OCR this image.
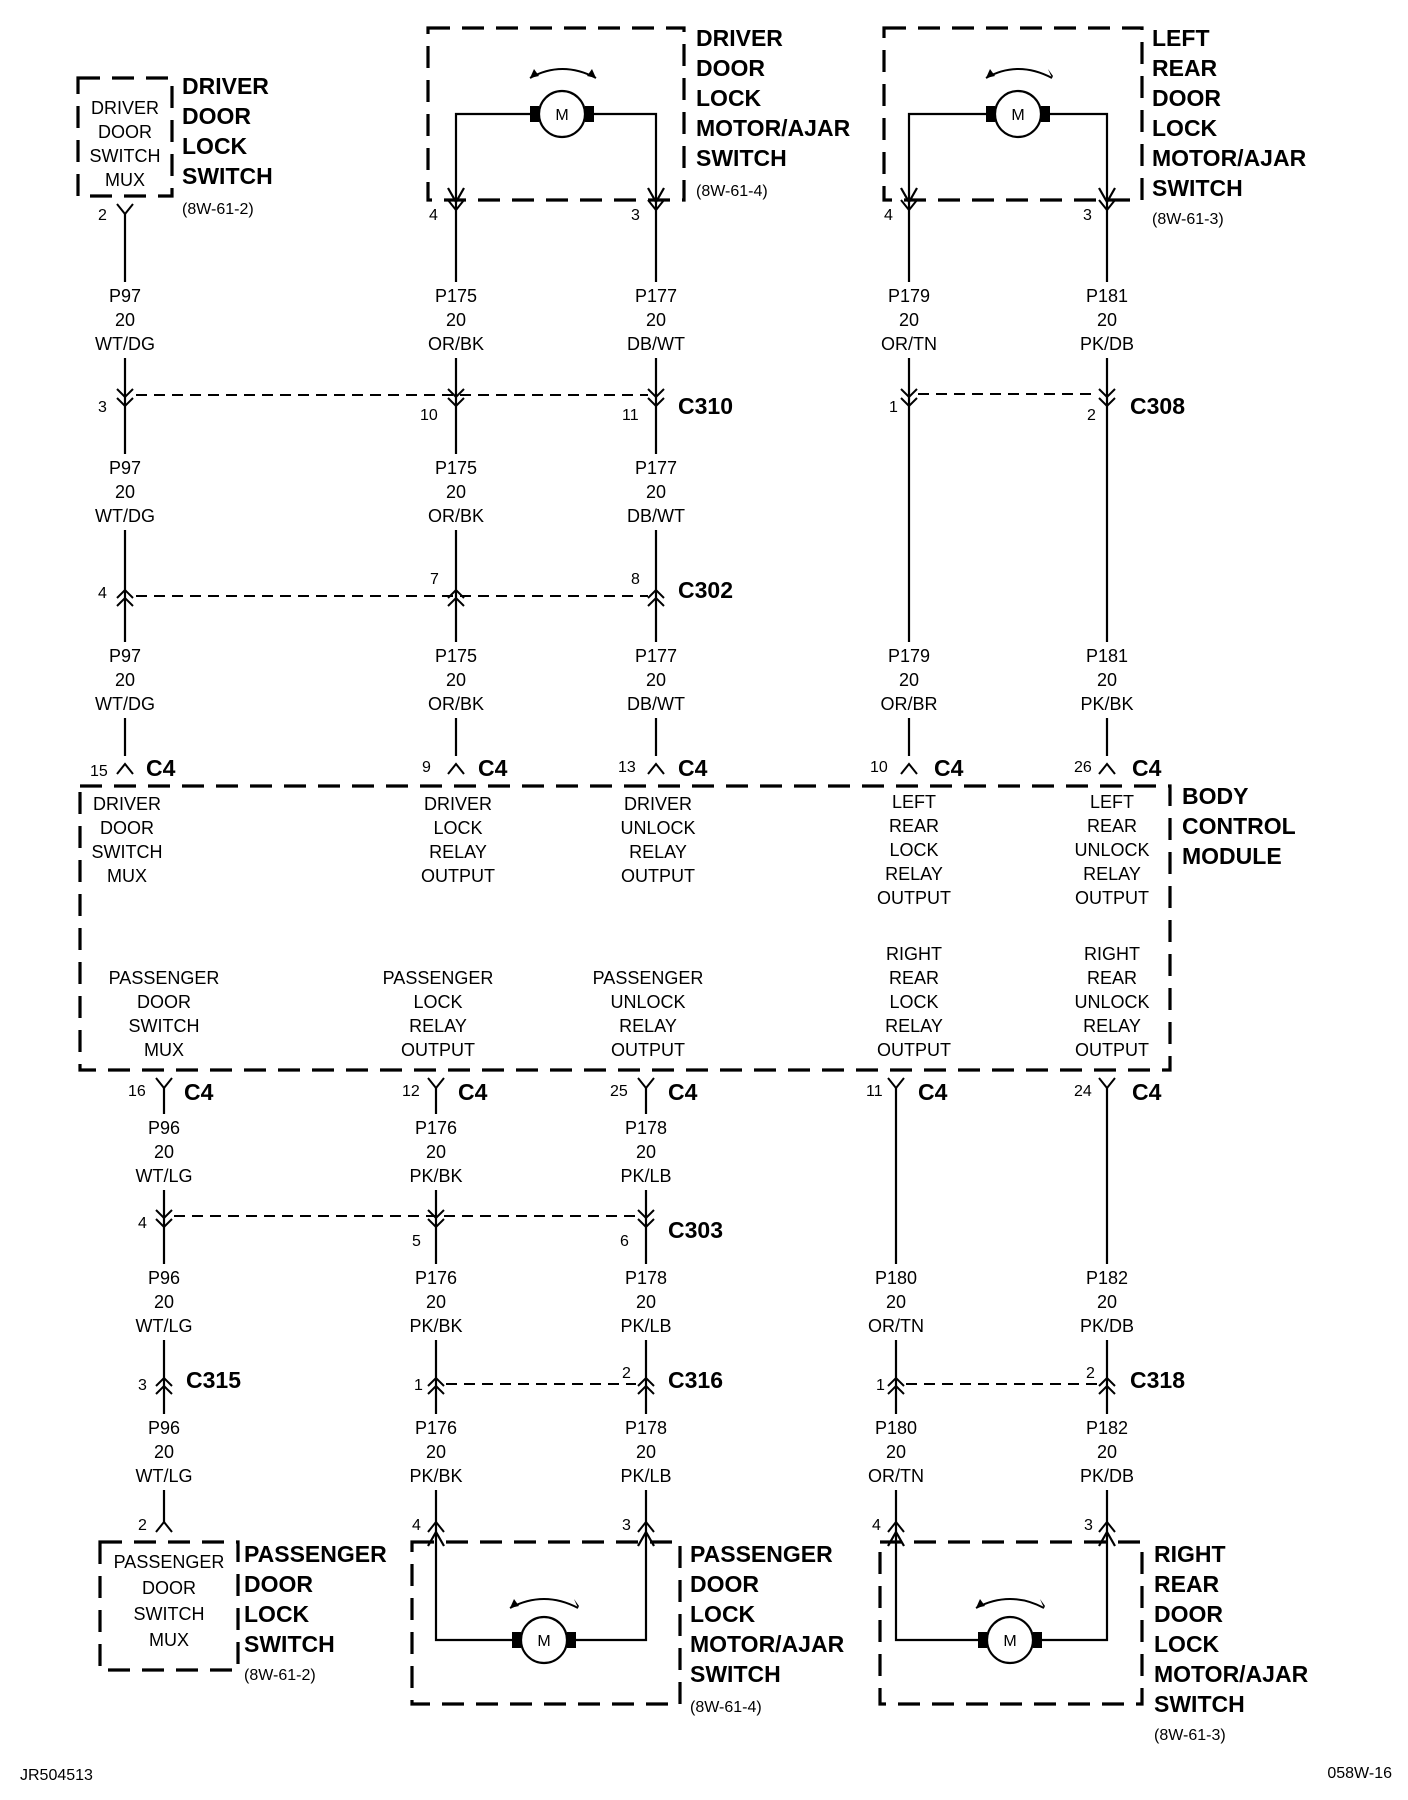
M	M
M	M
DRIVER
DOOR
SWITCH
MUX
DRIVER
DOOR
LOCK
SWITCH
(8W-61-2)
DRIVER
DOOR
LOCK
MOTOR/AJAR
SWITCH
(8W-61-4)
LEFT
REAR
DOOR
LOCK
MOTOR/AJAR
SWITCH
(8W-61-3)
BODY
CONTROL
MODULE
DRIVER
DOOR
SWITCH
MUX
DRIVER
LOCK
RELAY
OUTPUT
DRIVER
UNLOCK
RELAY
OUTPUT
LEFT
REAR
LOCK
RELAY
OUTPUT
LEFT
REAR
UNLOCK
RELAY
OUTPUT
PASSENGER
DOOR
SWITCH
MUX
PASSENGER
LOCK
RELAY
OUTPUT
PASSENGER
UNLOCK
RELAY
OUTPUT
RIGHT
REAR
LOCK
RELAY
OUTPUT
RIGHT
REAR
UNLOCK
RELAY
OUTPUT
PASSENGER
DOOR
SWITCH
MUX
PASSENGER
DOOR
LOCK
SWITCH
(8W-61-2)
PASSENGER
DOOR
LOCK
MOTOR/AJAR
SWITCH
(8W-61-4)
RIGHT
REAR
DOOR
LOCK
MOTOR/AJAR
SWITCH
(8W-61-3)
C310	C308
C302
C4	C4	C4	C4	C4
C4	C4	C4	C4	C4
C303
C315	C316	C318
2	4	3	4	3
3	10	11	1	2
4
7	8
15	9	13	10	26
16	12	25	11	24
4
5	6
3	1
2
1
2
2	4	3	4	3
P97
20
WT/DG
P97
20
WT/DG
P97
20
WT/DG
P175
20
OR/BK
P175
20
OR/BK
P175
20
OR/BK
P177
20
DB/WT
P177
20
DB/WT
P177
20
DB/WT
P179
20
OR/TN
P179
20
OR/BR
P181
20
PK/DB
P181
20
PK/BK
P96
20
WT/LG
P96
20
WT/LG
P96
20
WT/LG
P176
20
PK/BK
P176
20
PK/BK
P176
20
PK/BK
P178
20
PK/LB
P178
20
PK/LB
P178
20
PK/LB
P180
20
OR/TN
P180
20
OR/TN
P182
20
PK/DB
P182
20
PK/DB
JR504513	058W-16
